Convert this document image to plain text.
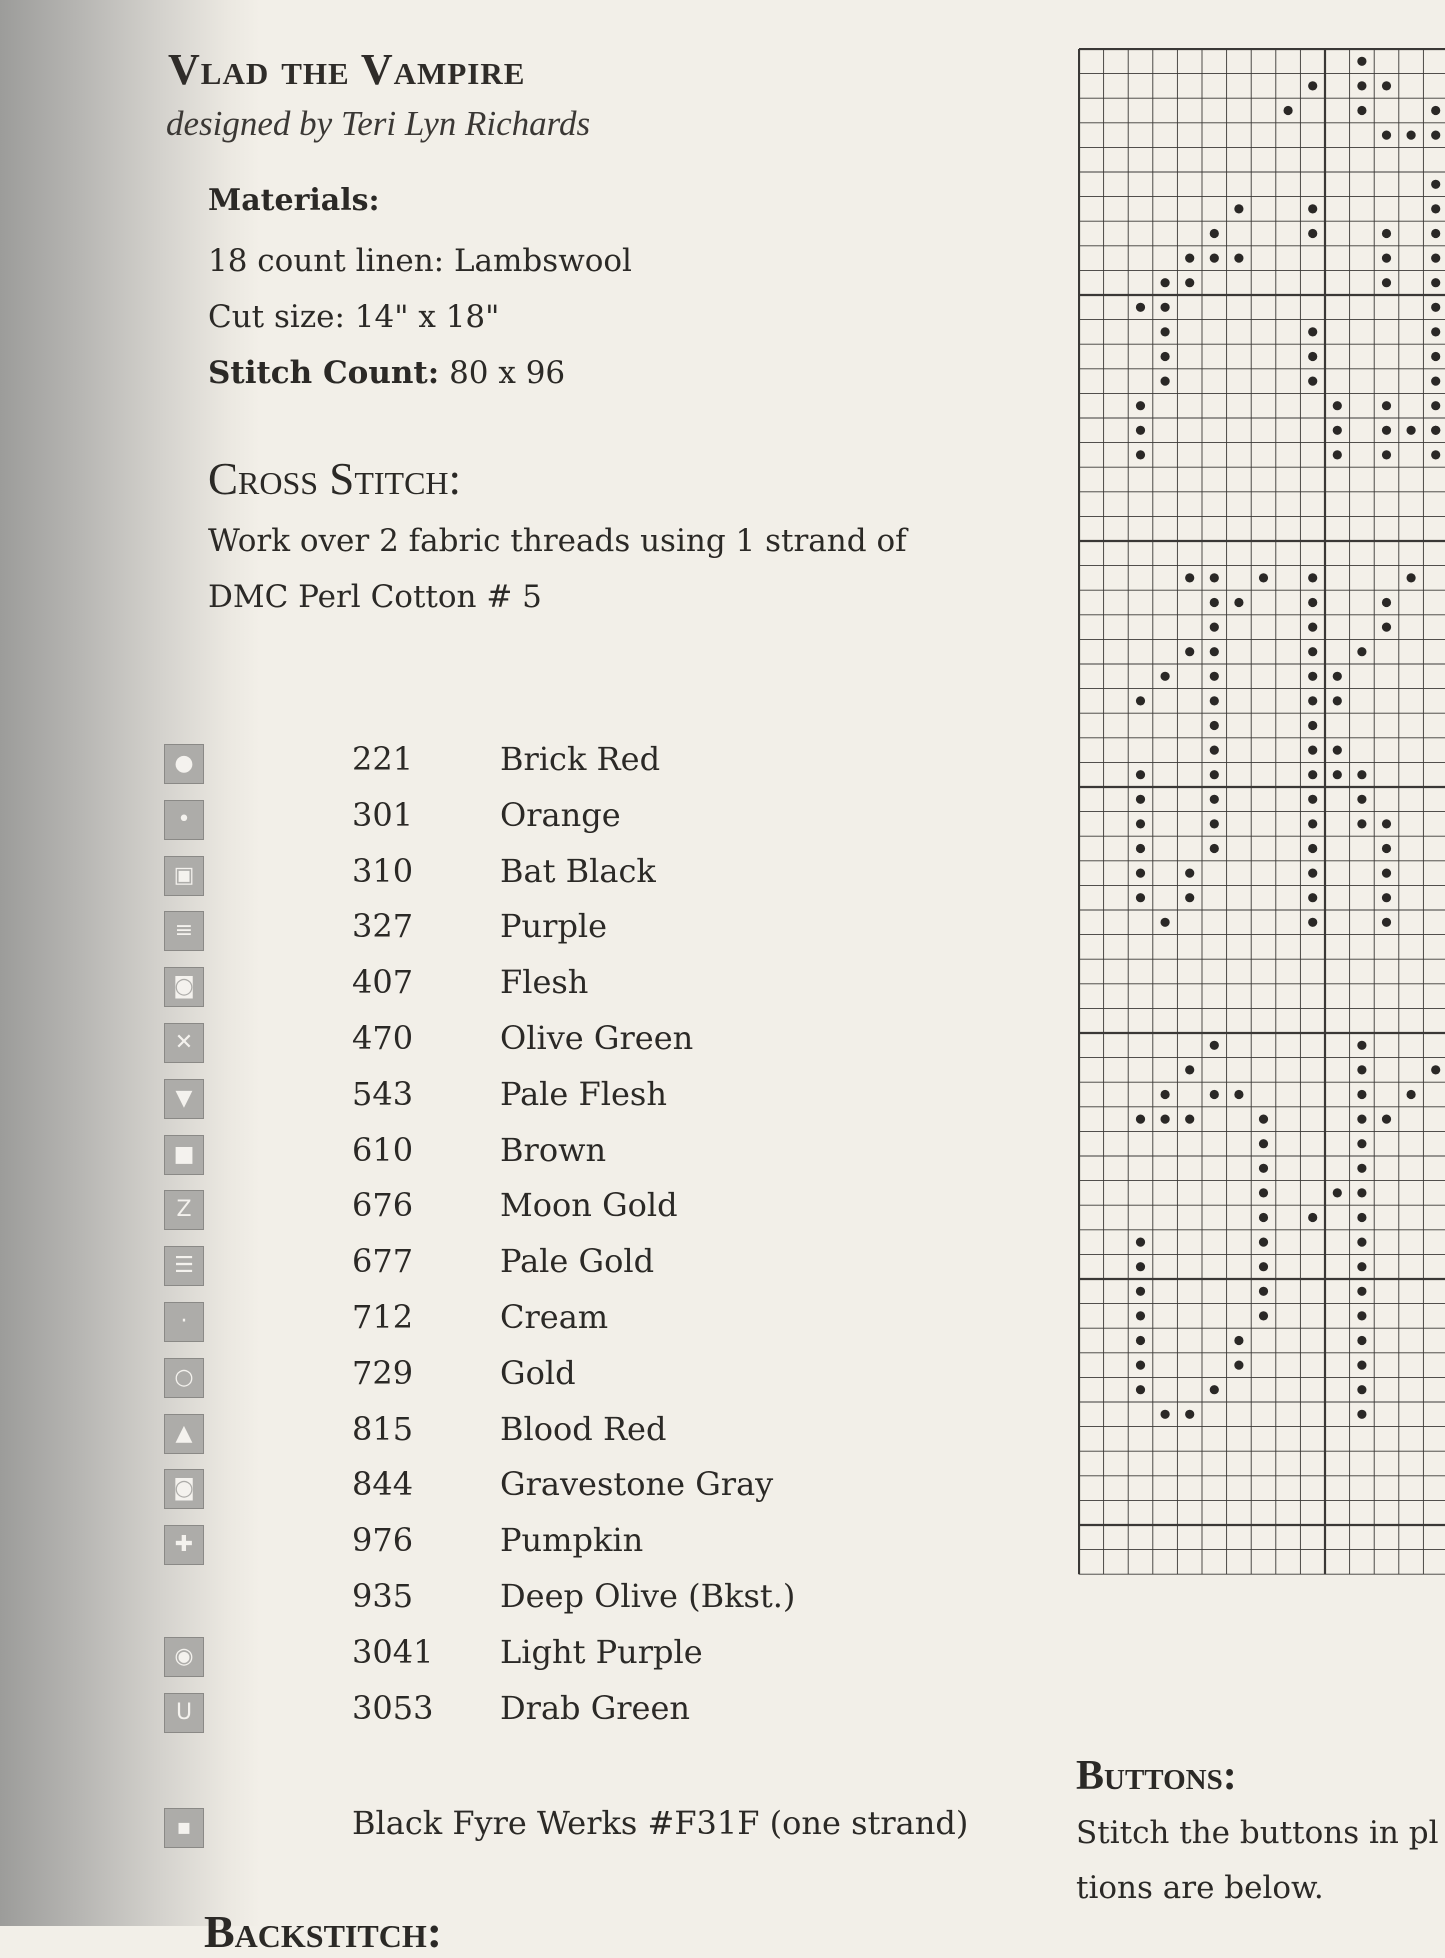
Vlad the Vampire
designed by Teri Lyn Richards
Materials:
18 count linen: Lambswool
Cut size: 14" x 18"
Stitch Count: 80 x 96
Cross Stitch:
Work over 2 fabric threads using 1 strand of
DMC Perl Cotton # 5
●	221	Brick Red
•	301	Orange
▣	310	Bat Black
≡	327	Purple
◙	407	Flesh
✕	470	Olive Green
▼	543	Pale Flesh
■	610	Brown
Z	676	Moon Gold
☰	677	Pale Gold
·	712	Cream
○	729	Gold
▲	815	Blood Red
◙	844	Gravestone Gray
✚	976	Pumpkin
935	Deep Olive (Bkst.)
◉	3041 Light Purple
U	3053 Drab Green
▪	Black Fyre Werks #F31F (one strand)
Backstitch:
Buttons:
Stitch the buttons in pl
tions are below.
